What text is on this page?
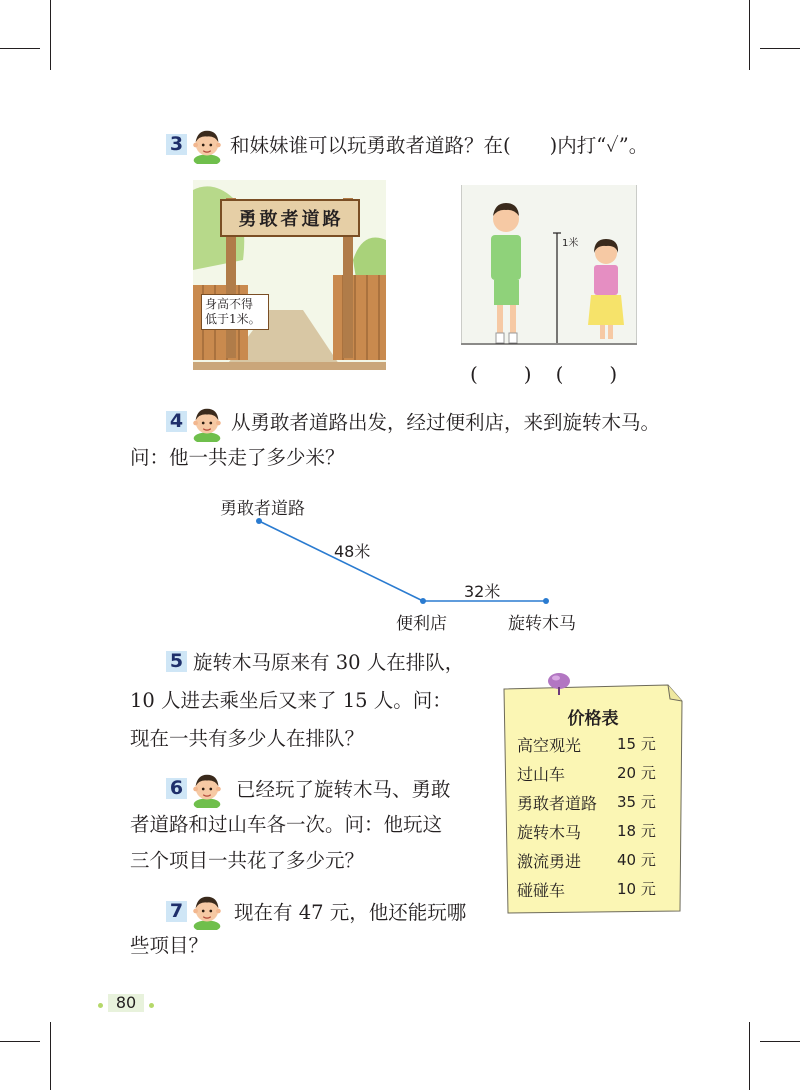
3 和妹妹谁可以玩勇敢者道路？在(　　)内打“✓”。
勇敢者道路
身高不得
低于1米。
1米
(　　)　(　　)
4 从勇敢者道路出发，经过便利店，来到旋转木马。
问：他一共走了多少米？
勇敢者道路
48米
32米
便利店	旋转木马
5 旋转木马原来有 30 人在排队，
10 人进去乘坐后又来了 15 人。问：
现在一共有多少人在排队？
6	已经玩了旋转木马、勇敢
者道路和过山车各一次。问：他玩这
三个项目一共花了多少元？
7	现在有 47 元，他还能玩哪
些项目？
价格表
高空观光 15 元
过山车	20 元
勇敢者道路 35 元
旋转木马 18 元
激流勇进 40 元
碰碰车	10 元
80
